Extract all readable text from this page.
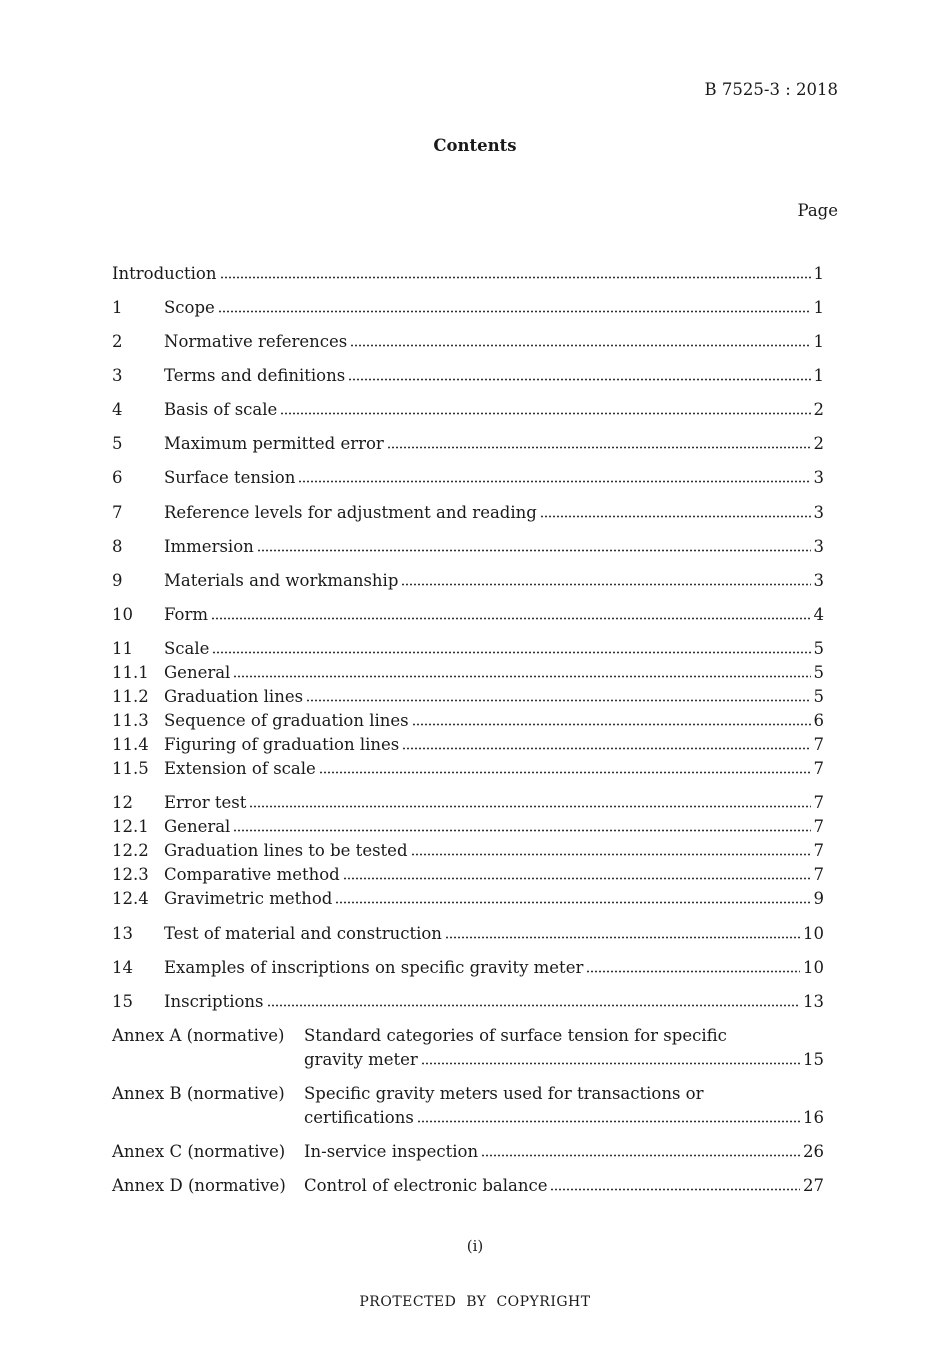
B 7525-3 : 2018
Contents
Page
Introduction	1
1	Scope	1
2	Normative references	1
3	Terms and definitions	1
4	Basis of scale	2
5	Maximum permitted error	2
6	Surface tension	3
7	Reference levels for adjustment and reading	3
8	Immersion	3
9	Materials and workmanship	3
10 Form	4
11 Scale	5
11.1 General	5
11.2 Graduation lines	5
11.3 Sequence of graduation lines	6
11.4 Figuring of graduation lines	7
11.5 Extension of scale	7
12 Error test	7
12.1 General	7
12.2 Graduation lines to be tested	7
12.3 Comparative method	7
12.4 Gravimetric method	9
13 Test of material and construction	10
14 Examples of inscriptions on specific gravity meter	10
15 Inscriptions	13
Annex A (normative) Standard categories of surface tension for specific
gravity meter	15
Annex B (normative) Specific gravity meters used for transactions or
certifications	16
Annex C (normative) In-service inspection	26
Annex D (normative) Control of electronic balance	27
(i)
PROTECTED  BY  COPYRIGHT
